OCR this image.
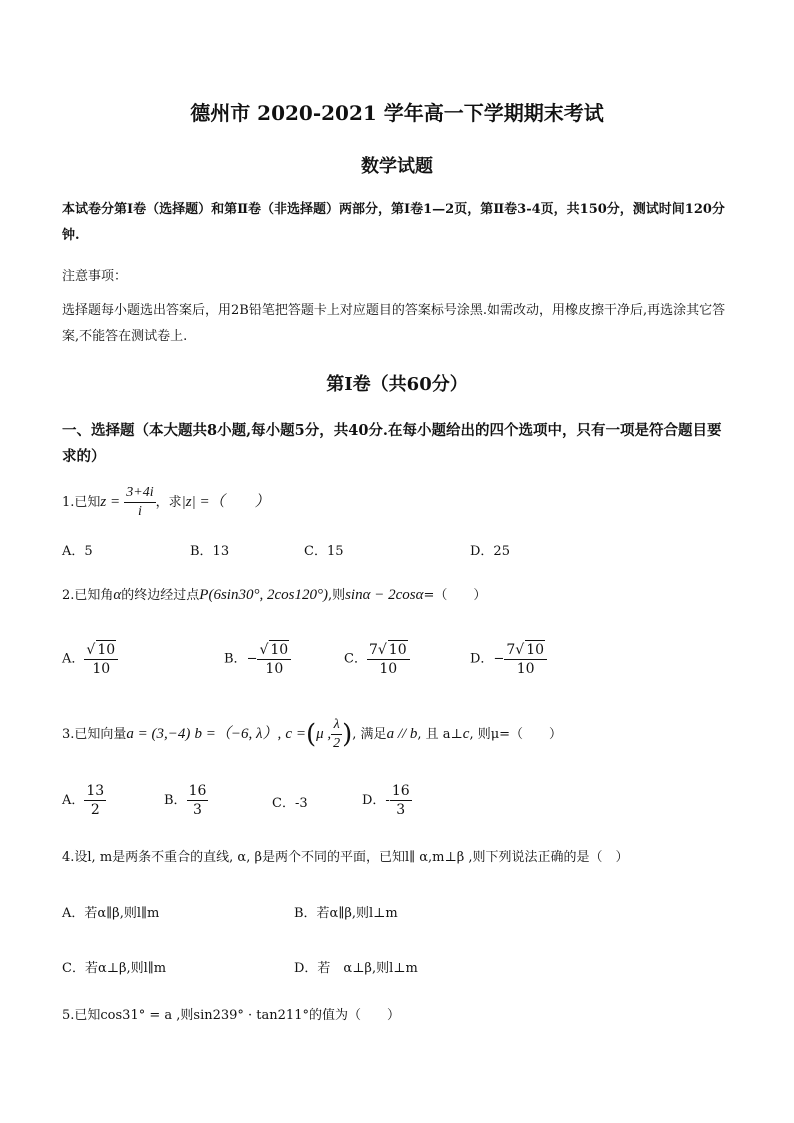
德州市 2020-2021 学年高一下学期期末考试
数学试题
本试卷分第Ⅰ卷（选择题）和第Ⅱ卷（非选择题）两部分，第Ⅰ卷1—2页，第Ⅱ卷3-4页，共150分，测试时间120分钟.
注意事项：
选择题每小题选出答案后，用2B铅笔把答题卡上对应题目的答案标号涂黑.如需改动，用橡皮擦干净后,再选涂其它答案,不能答在测试卷上.
第Ⅰ卷（共60分）
一、选择题（本大题共8小题,每小题5分，共40分.在每小题给出的四个选项中，只有一项是符合题目要求的）
1.已知$z = \frac{3+4i}{i}$ ，求|z| =（　　）
A．5	B．13	C．15	D．25
2.已知角α的终边经过点P(6sin30°, 2cos120°),则sinα − 2cosα=（　　）
A． $\frac{√ 10}{10}$	B．− $\frac{√ 10}{10}$	C． $\frac{7√ 10}{10}$	D．− $\frac{7√ 10}{10}$
3.已知向量a = (3,−4) b =（−6, λ）, c =(μ , $\frac{\lambda}{2}$ ), 满足a // b, 且 a⊥c, 则μ=（　　）
A． $\frac{13}{2}$	B． $\frac{16}{3}$	C．-3	D．- $\frac{16}{3}$
4.设l, m是两条不重合的直线, α, β是两个不同的平面，已知l∥ α,m⊥β ,则下列说法正确的是（　）
A．若α∥β,则l∥m	B．若α∥β,则l⊥m
C．若α⊥β,则l∥m	D．若　α⊥β,则l⊥m
5.已知cos31° = a ,则sin239° · tan211°的值为（　　）
